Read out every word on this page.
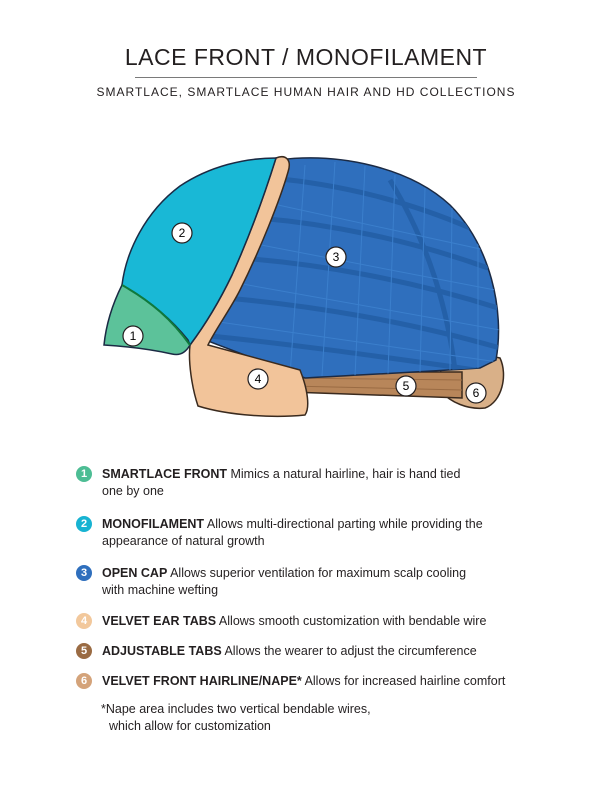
LACE FRONT / MONOFILAMENT
SMARTLACE, SMARTLACE HUMAN HAIR AND HD COLLECTIONS
1
2
3
4	5	6
1	SMARTLACE FRONT Mimics a natural hairline, hair is hand tied
one by one
2	MONOFILAMENT Allows multi-directional parting while providing the
appearance of natural growth
3	OPEN CAP Allows superior ventilation for maximum scalp cooling
with machine wefting
4	VELVET EAR TABS Allows smooth customization with bendable wire
5	ADJUSTABLE TABS Allows the wearer to adjust the circumference
6	VELVET FRONT HAIRLINE/NAPE* Allows for increased hairline comfort
*Nape area includes two vertical bendable wires,
which allow for customization
